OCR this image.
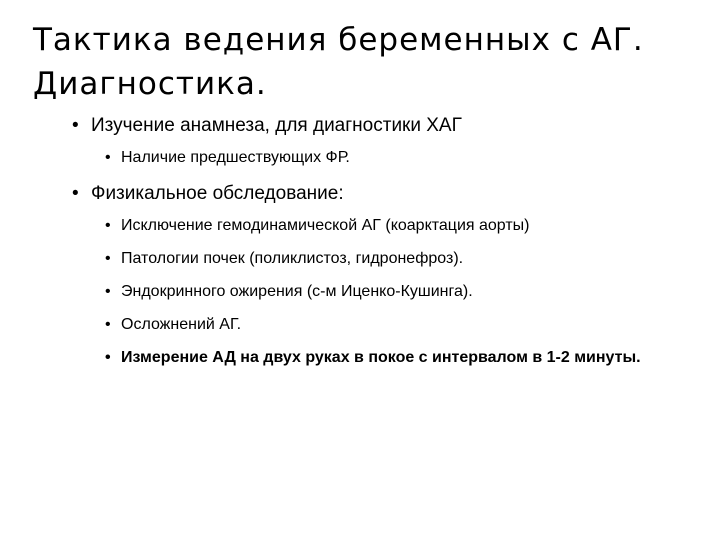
Тактика ведения беременных с АГ. Диагностика.
• Изучение анамнеза, для диагностики ХАГ
• Наличие предшествующих ФР.
• Физикальное обследование:
• Исключение гемодинамической АГ (коарктация аорты)
• Патологии почек (поликлистоз, гидронефроз).
• Эндокринного ожирения (с-м Иценко-Кушинга).
• Осложнений АГ.
• Измерение АД на двух руках в покое с интервалом в 1-2 минуты.
